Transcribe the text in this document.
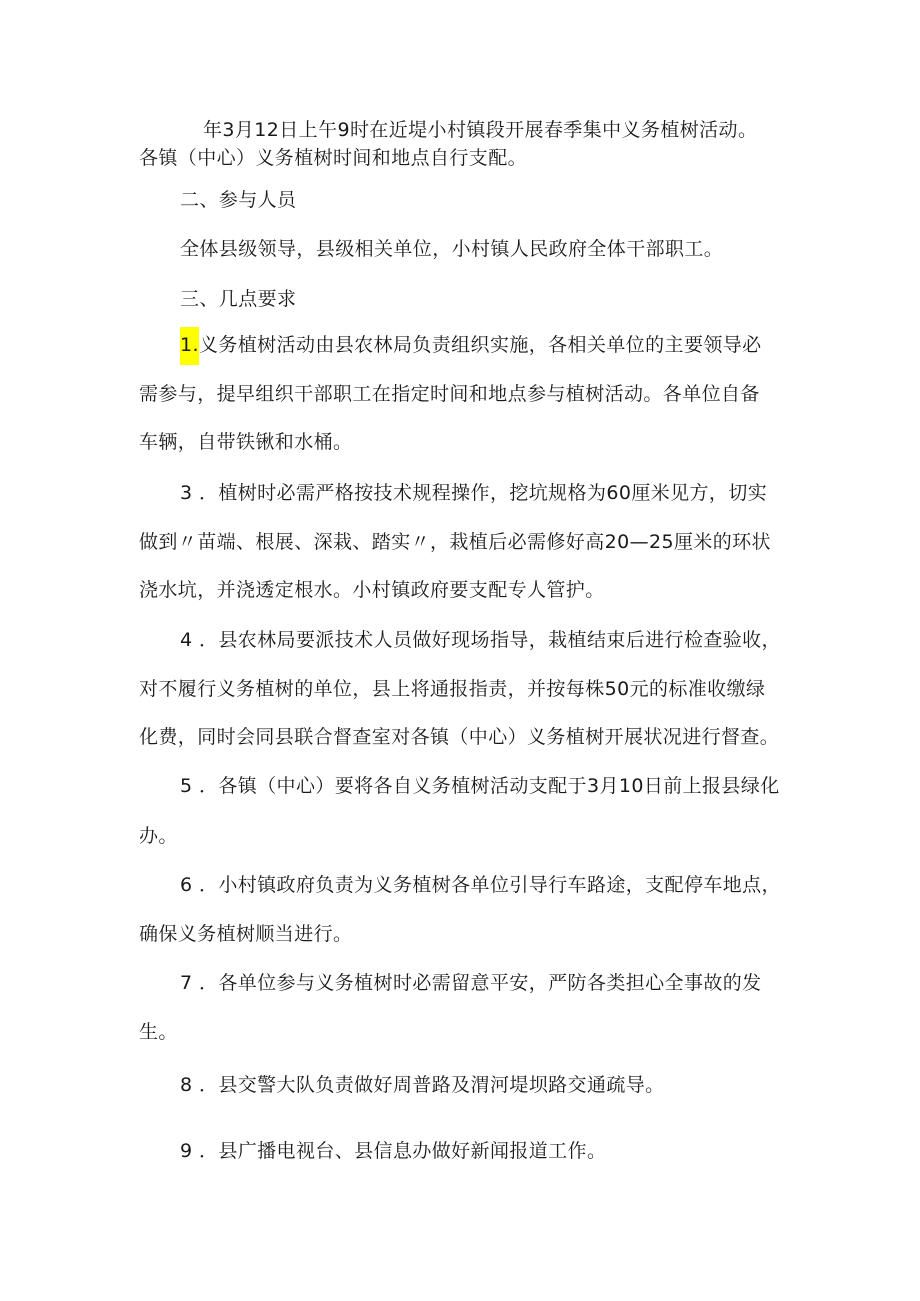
年3月12日上午9时在近堤小村镇段开展春季集中义务植树活动。
各镇（中心）义务植树时间和地点自行支配。
二、参与人员
全体县级领导，县级相关单位，小村镇人民政府全体干部职工。
三、几点要求
1.义务植树活动由县农林局负责组织实施，各相关单位的主要领导必
需参与，提早组织干部职工在指定时间和地点参与植树活动。各单位自备
车辆，自带铁锹和水桶。
3 ．植树时必需严格按技术规程操作，挖坑规格为60厘米见方，切实
做到〃苗端、根展、深栽、踏实〃，栽植后必需修好高20—25厘米的环状
浇水坑，并浇透定根水。小村镇政府要支配专人管护。
4 ．县农林局要派技术人员做好现场指导，栽植结束后进行检查验收，
对不履行义务植树的单位，县上将通报指责，并按每株50元的标准收缴绿
化费，同时会同县联合督查室对各镇（中心）义务植树开展状况进行督查。
5 ．各镇（中心）要将各自义务植树活动支配于3月10日前上报县绿化
办。
6 ．小村镇政府负责为义务植树各单位引导行车路途，支配停车地点，
确保义务植树顺当进行。
7 ．各单位参与义务植树时必需留意平安，严防各类担心全事故的发
生。
8 ．县交警大队负责做好周普路及渭河堤坝路交通疏导。
9 ．县广播电视台、县信息办做好新闻报道工作。
